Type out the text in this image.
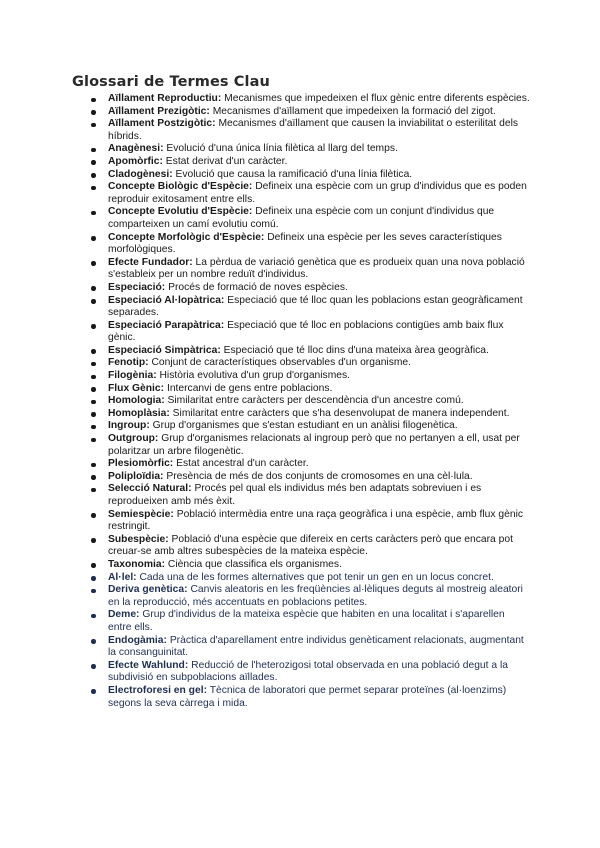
Glossari de Termes Clau
Aïllament Reproductiu: Mecanismes que impedeixen el flux gènic entre diferents espècies.
Aïllament Prezigòtic: Mecanismes d'aïllament que impedeixen la formació del zigot.
Aïllament Postzigòtic: Mecanismes d'aïllament que causen la inviabilitat o esterilitat dels híbrids.
Anagènesi: Evolució d'una única línia filètica al llarg del temps.
Apomòrfic: Estat derivat d'un caràcter.
Cladogènesi: Evolució que causa la ramificació d'una línia filètica.
Concepte Biològic d'Espècie: Defineix una espècie com un grup d'individus que es poden reproduir exitosament entre ells.
Concepte Evolutiu d'Espècie: Defineix una espècie com un conjunt d'individus que comparteixen un camí evolutiu comú.
Concepte Morfològic d'Espècie: Defineix una espècie per les seves característiques morfològiques.
Efecte Fundador: La pèrdua de variació genètica que es produeix quan una nova població s'estableix per un nombre reduït d'individus.
Especiació: Procés de formació de noves espècies.
Especiació Al·lopàtrica: Especiació que té lloc quan les poblacions estan geogràficament separades.
Especiació Parapàtrica: Especiació que té lloc en poblacions contigües amb baix flux gènic.
Especiació Simpàtrica: Especiació que té lloc dins d'una mateixa àrea geogràfica.
Fenotip: Conjunt de característiques observables d'un organisme.
Filogènia: Història evolutiva d'un grup d'organismes.
Flux Gènic: Intercanvi de gens entre poblacions.
Homologia: Similaritat entre caràcters per descendència d'un ancestre comú.
Homoplàsia: Similaritat entre caràcters que s'ha desenvolupat de manera independent.
Ingroup: Grup d'organismes que s'estan estudiant en un anàlisi filogenètica.
Outgroup: Grup d'organismes relacionats al ingroup però que no pertanyen a ell, usat per polaritzar un arbre filogenètic.
Plesiomòrfic: Estat ancestral d'un caràcter.
Poliploïdia: Presència de més de dos conjunts de cromosomes en una cèl·lula.
Selecció Natural: Procés pel qual els individus més ben adaptats sobreviuen i es reprodueixen amb més èxit.
Semiespècie: Població intermèdia entre una raça geogràfica i una espècie, amb flux gènic restringit.
Subespècie: Població d'una espècie que difereix en certs caràcters però que encara pot creuar-se amb altres subespècies de la mateixa espècie.
Taxonomia: Ciència que classifica els organismes.
Al·lel: Cada una de les formes alternatives que pot tenir un gen en un locus concret.
Deriva genètica: Canvis aleatoris en les freqüències al·lèliques deguts al mostreig aleatori en la reproducció, més accentuats en poblacions petites.
Deme: Grup d'individus de la mateixa espècie que habiten en una localitat i s'aparellen entre ells.
Endogàmia: Pràctica d'aparellament entre individus genèticament relacionats, augmentant la consanguinitat.
Efecte Wahlund: Reducció de l'heterozigosi total observada en una població degut a la subdivisió en subpoblacions aïllades.
Electroforesi en gel: Tècnica de laboratori que permet separar proteïnes (al·loenzims) segons la seva càrrega i mida.
